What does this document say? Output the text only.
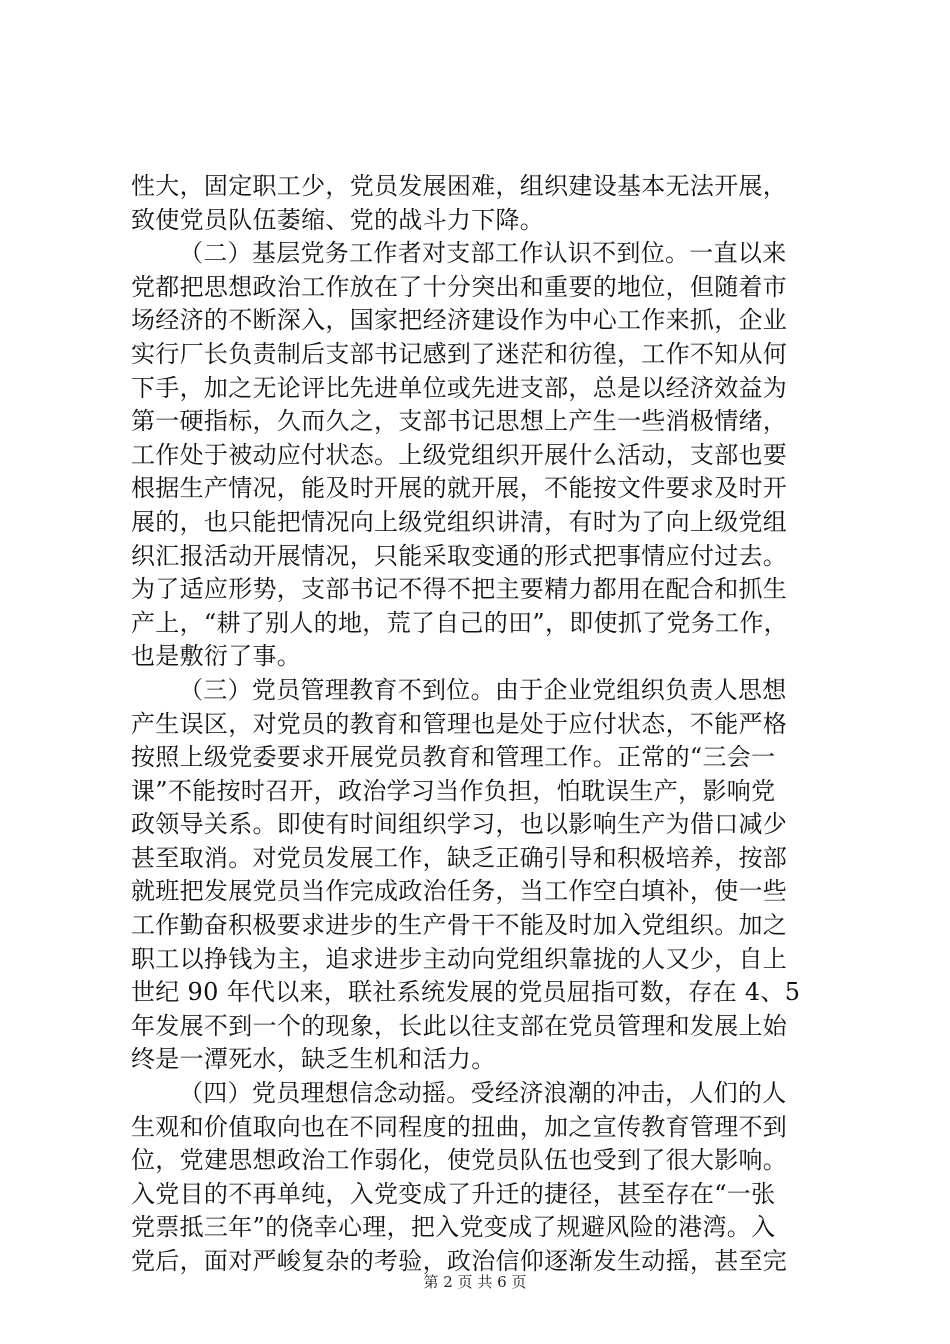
性大，固定职工少，党员发展困难，组织建设基本无法开展，
致使党员队伍萎缩、党的战斗力下降。
（二）基层党务工作者对支部工作认识不到位。一直以来
党都把思想政治工作放在了十分突出和重要的地位，但随着市
场经济的不断深入，国家把经济建设作为中心工作来抓，企业
实行厂长负责制后支部书记感到了迷茫和彷徨，工作不知从何
下手，加之无论评比先进单位或先进支部，总是以经济效益为
第一硬指标，久而久之，支部书记思想上产生一些消极情绪，
工作处于被动应付状态。上级党组织开展什么活动，支部也要
根据生产情况，能及时开展的就开展，不能按文件要求及时开
展的，也只能把情况向上级党组织讲清，有时为了向上级党组
织汇报活动开展情况，只能采取变通的形式把事情应付过去。
为了适应形势，支部书记不得不把主要精力都用在配合和抓生
产上，“耕了别人的地，荒了自己的田”，即使抓了党务工作，
也是敷衍了事。
（三）党员管理教育不到位。由于企业党组织负责人思想
产生误区，对党员的教育和管理也是处于应付状态，不能严格
按照上级党委要求开展党员教育和管理工作。正常的“三会一
课”不能按时召开，政治学习当作负担，怕耽误生产，影响党
政领导关系。即使有时间组织学习，也以影响生产为借口减少
甚至取消。对党员发展工作，缺乏正确引导和积极培养，按部
就班把发展党员当作完成政治任务，当工作空白填补，使一些
工作勤奋积极要求进步的生产骨干不能及时加入党组织。加之
职工以挣钱为主，追求进步主动向党组织靠拢的人又少，自上
世纪 90 年代以来，联社系统发展的党员屈指可数，存在 4、5
年发展不到一个的现象，长此以往支部在党员管理和发展上始
终是一潭死水，缺乏生机和活力。
（四）党员理想信念动摇。受经济浪潮的冲击，人们的人
生观和价值取向也在不同程度的扭曲，加之宣传教育管理不到
位，党建思想政治工作弱化，使党员队伍也受到了很大影响。
入党目的不再单纯，入党变成了升迁的捷径，甚至存在“一张
党票抵三年”的侥幸心理，把入党变成了规避风险的港湾。入
党后，面对严峻复杂的考验，政治信仰逐渐发生动摇，甚至完
第 2 页 共 6 页
